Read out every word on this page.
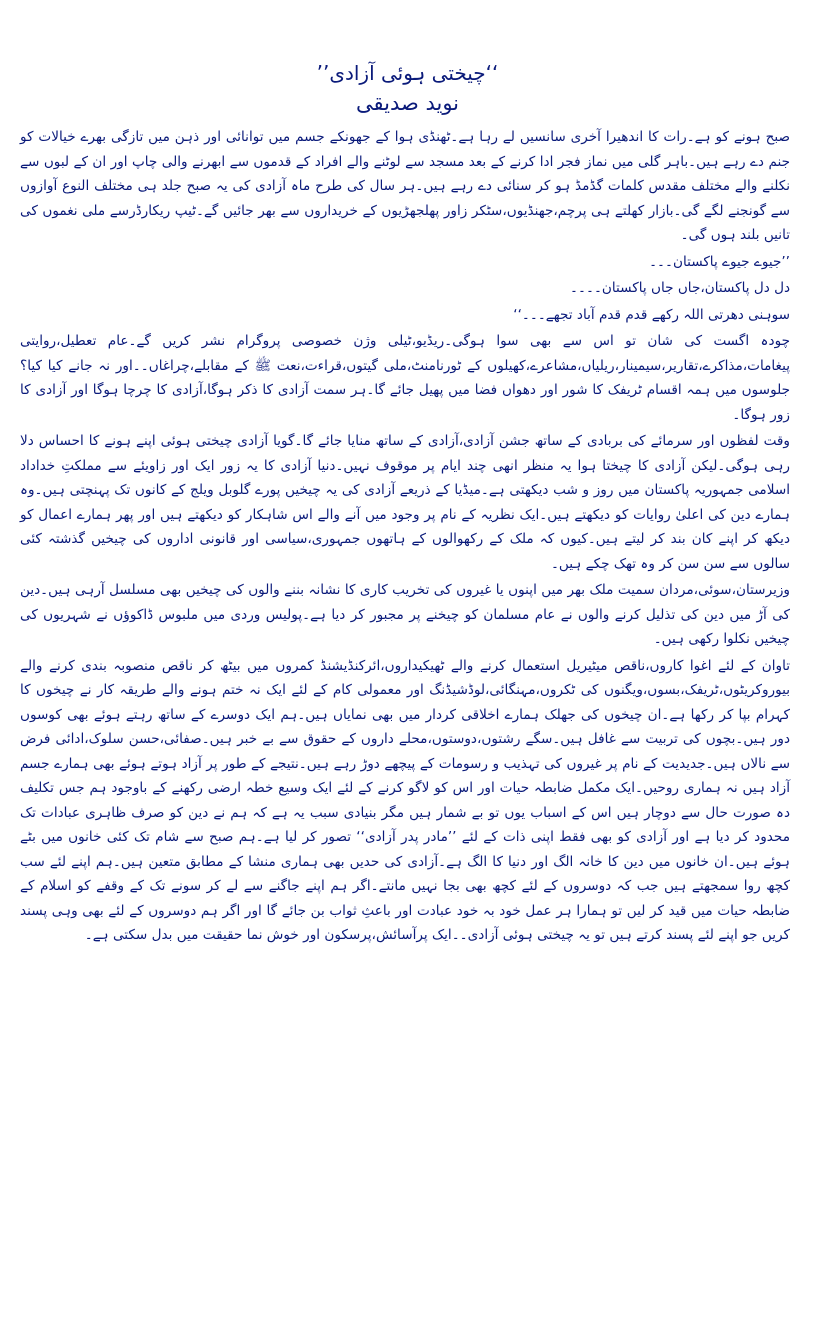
’’چیختی ہوئی آزادی‘‘
نوید صدیقی

صبح ہونے کو ہے۔رات کا اندھیرا آخری سانسیں لے رہا ہے۔ٹھنڈی ہوا کے جھونکے جسم میں توانائی اور ذہن میں تازگی بھرے خیالات کو جنم دے رہے ہیں۔باہر گلی میں نماز فجر ادا کرنے کے بعد مسجد سے لوٹنے والے افراد کے قدموں سے ابھرنے والی چاپ اور ان کے لبوں سے نکلنے والے مختلف مقدس کلمات گڈمڈ ہو کر سنائی دے رہے ہیں۔ہر سال کی طرح ماہ آزادی کی یہ صبح جلد ہی مختلف النوع آوازوں سے گونجنے لگے گی۔بازار کھلتے ہی پرچم،جھنڈیوں،سٹکر زاور پھلجھڑیوں کے خریداروں سے بھر جائیں گے۔ٹیپ ریکارڈرسے ملی نغموں کی تانیں بلند ہوں گی۔

’’جیوے جیوے پاکستان۔۔۔

دل دل پاکستان،جاں جاں پاکستان۔۔۔۔

سوہنی دھرتی اللہ رکھے قدم قدم آباد تجھے۔۔۔‘‘

چودہ اگست کی شان تو اس سے بھی سوا ہوگی۔ریڈیو،ٹیلی وژن خصوصی پروگرام نشر کریں گے۔عام تعطیل،روایتی پیغامات،مذاکرے،تقاریر،سیمینار،ریلیاں،مشاعرے،کھیلوں کے ٹورنامنٹ،ملی گیتوں،قراءت،نعت ﷺ کے مقابلے،چراغاں۔۔اور نہ جانے کیا کیا؟ جلوسوں میں ہمہ اقسام ٹریفک کا شور اور دھواں فضا میں پھیل جائے گا۔ہر سمت آزادی کا ذکر ہوگا،آزادی کا چرچا ہوگا اور آزادی کا زور ہوگا۔

وقت لفظوں اور سرمائے کی بربادی کے ساتھ جشن آزادی،آزادی کے ساتھ منایا جائے گا۔گویا آزادی چیختی ہوئی اپنے ہونے کا احساس دلا رہی ہوگی۔لیکن آزادی کا چیختا ہوا یہ منظر انھی چند ایام پر موقوف نہیں۔دنیا آزادی کا یہ زور ایک اور زاویئے سے مملکتِ خداداد اسلامی جمہوریہ پاکستان میں روز و شب دیکھتی ہے۔میڈیا کے ذریعے آزادی کی یہ چیخیں پورے گلوبل ویلج کے کانوں تک پہنچتی ہیں۔وہ ہمارے دین کی اعلیٰ روایات کو دیکھتے ہیں۔ایک نظریہ کے نام پر وجود میں آنے والے اس شاہکار کو دیکھتے ہیں اور پھر ہمارے اعمال کو دیکھ کر اپنے کان بند کر لیتے ہیں۔کیوں کہ ملک کے رکھوالوں کے ہاتھوں جمہوری،سیاسی اور قانونی اداروں کی چیخیں گذشتہ کئی سالوں سے سن سن کر وہ تھک چکے ہیں۔

وزیرستان،سوئی،مردان سمیت ملک بھر میں اپنوں یا غیروں کی تخریب کاری کا نشانہ بننے والوں کی چیخیں بھی مسلسل آرہی ہیں۔دین کی آڑ میں دین کی تذلیل کرنے والوں نے عام مسلمان کو چیخنے پر مجبور کر دیا ہے۔پولیس وردی میں ملبوس ڈاکوؤں نے شہریوں کی چیخیں نکلوا رکھی ہیں۔

تاوان کے لئے اغوا کاروں،ناقص میٹیریل استعمال کرنے والے ٹھیکیداروں،ائرکنڈیشنڈ کمروں میں بیٹھ کر ناقص منصوبہ بندی کرنے والے بیوروکریٹوں،ٹریفک،بسوں،ویگنوں کی ٹکروں،مہنگائی،لوڈشیڈنگ اور معمولی کام کے لئے ایک نہ ختم ہونے والے طریقہ کار نے چیخوں کا کہرام بپا کر رکھا ہے۔ان چیخوں کی جھلک ہمارے اخلاقی کردار میں بھی نمایاں ہیں۔ہم ایک دوسرے کے ساتھ رہتے ہوئے بھی کوسوں دور ہیں۔بچوں کی تربیت سے غافل ہیں۔سگے رشتوں،دوستوں،محلے داروں کے حقوق سے بے خبر ہیں۔صفائی،حسن سلوک،ادائی فرض سے نالاں ہیں۔جدیدیت کے نام پر غیروں کی تہذیب و رسومات کے پیچھے دوڑ رہے ہیں۔نتیجے کے طور پر آزاد ہوتے ہوئے بھی ہمارے جسم آزاد ہیں نہ ہماری روحیں۔ایک مکمل ضابطہ حیات اور اس کو لاگو کرنے کے لئے ایک وسیع خطہ ارضی رکھنے کے باوجود ہم جس تکلیف دہ صورت حال سے دوچار ہیں اس کے اسباب یوں تو بے شمار ہیں مگر بنیادی سبب یہ ہے کہ ہم نے دین کو صرف ظاہری عبادات تک محدود کر دیا ہے اور آزادی کو بھی فقط اپنی ذات کے لئے ’’مادر پدر آزادی‘‘ تصور کر لیا ہے۔ہم صبح سے شام تک کئی خانوں میں بٹے ہوئے ہیں۔ان خانوں میں دین کا خانہ الگ اور دنیا کا الگ ہے۔آزادی کی حدیں بھی ہماری منشا کے مطابق متعین ہیں۔ہم اپنے لئے سب کچھ روا سمجھتے ہیں جب کہ دوسروں کے لئے کچھ بھی بجا نہیں مانتے۔اگر ہم اپنے جاگنے سے لے کر سونے تک کے وقفے کو اسلام کے ضابطہ حیات میں قید کر لیں تو ہمارا ہر عمل خود بہ خود عبادت اور باعثِ ثواب بن جائے گا اور اگر ہم دوسروں کے لئے بھی وہی پسند کریں جو اپنے لئے پسند کرتے ہیں تو یہ چیختی ہوئی آزادی۔۔ایک پرآسائش،پرسکون اور خوش نما حقیقت میں بدل سکتی ہے۔
